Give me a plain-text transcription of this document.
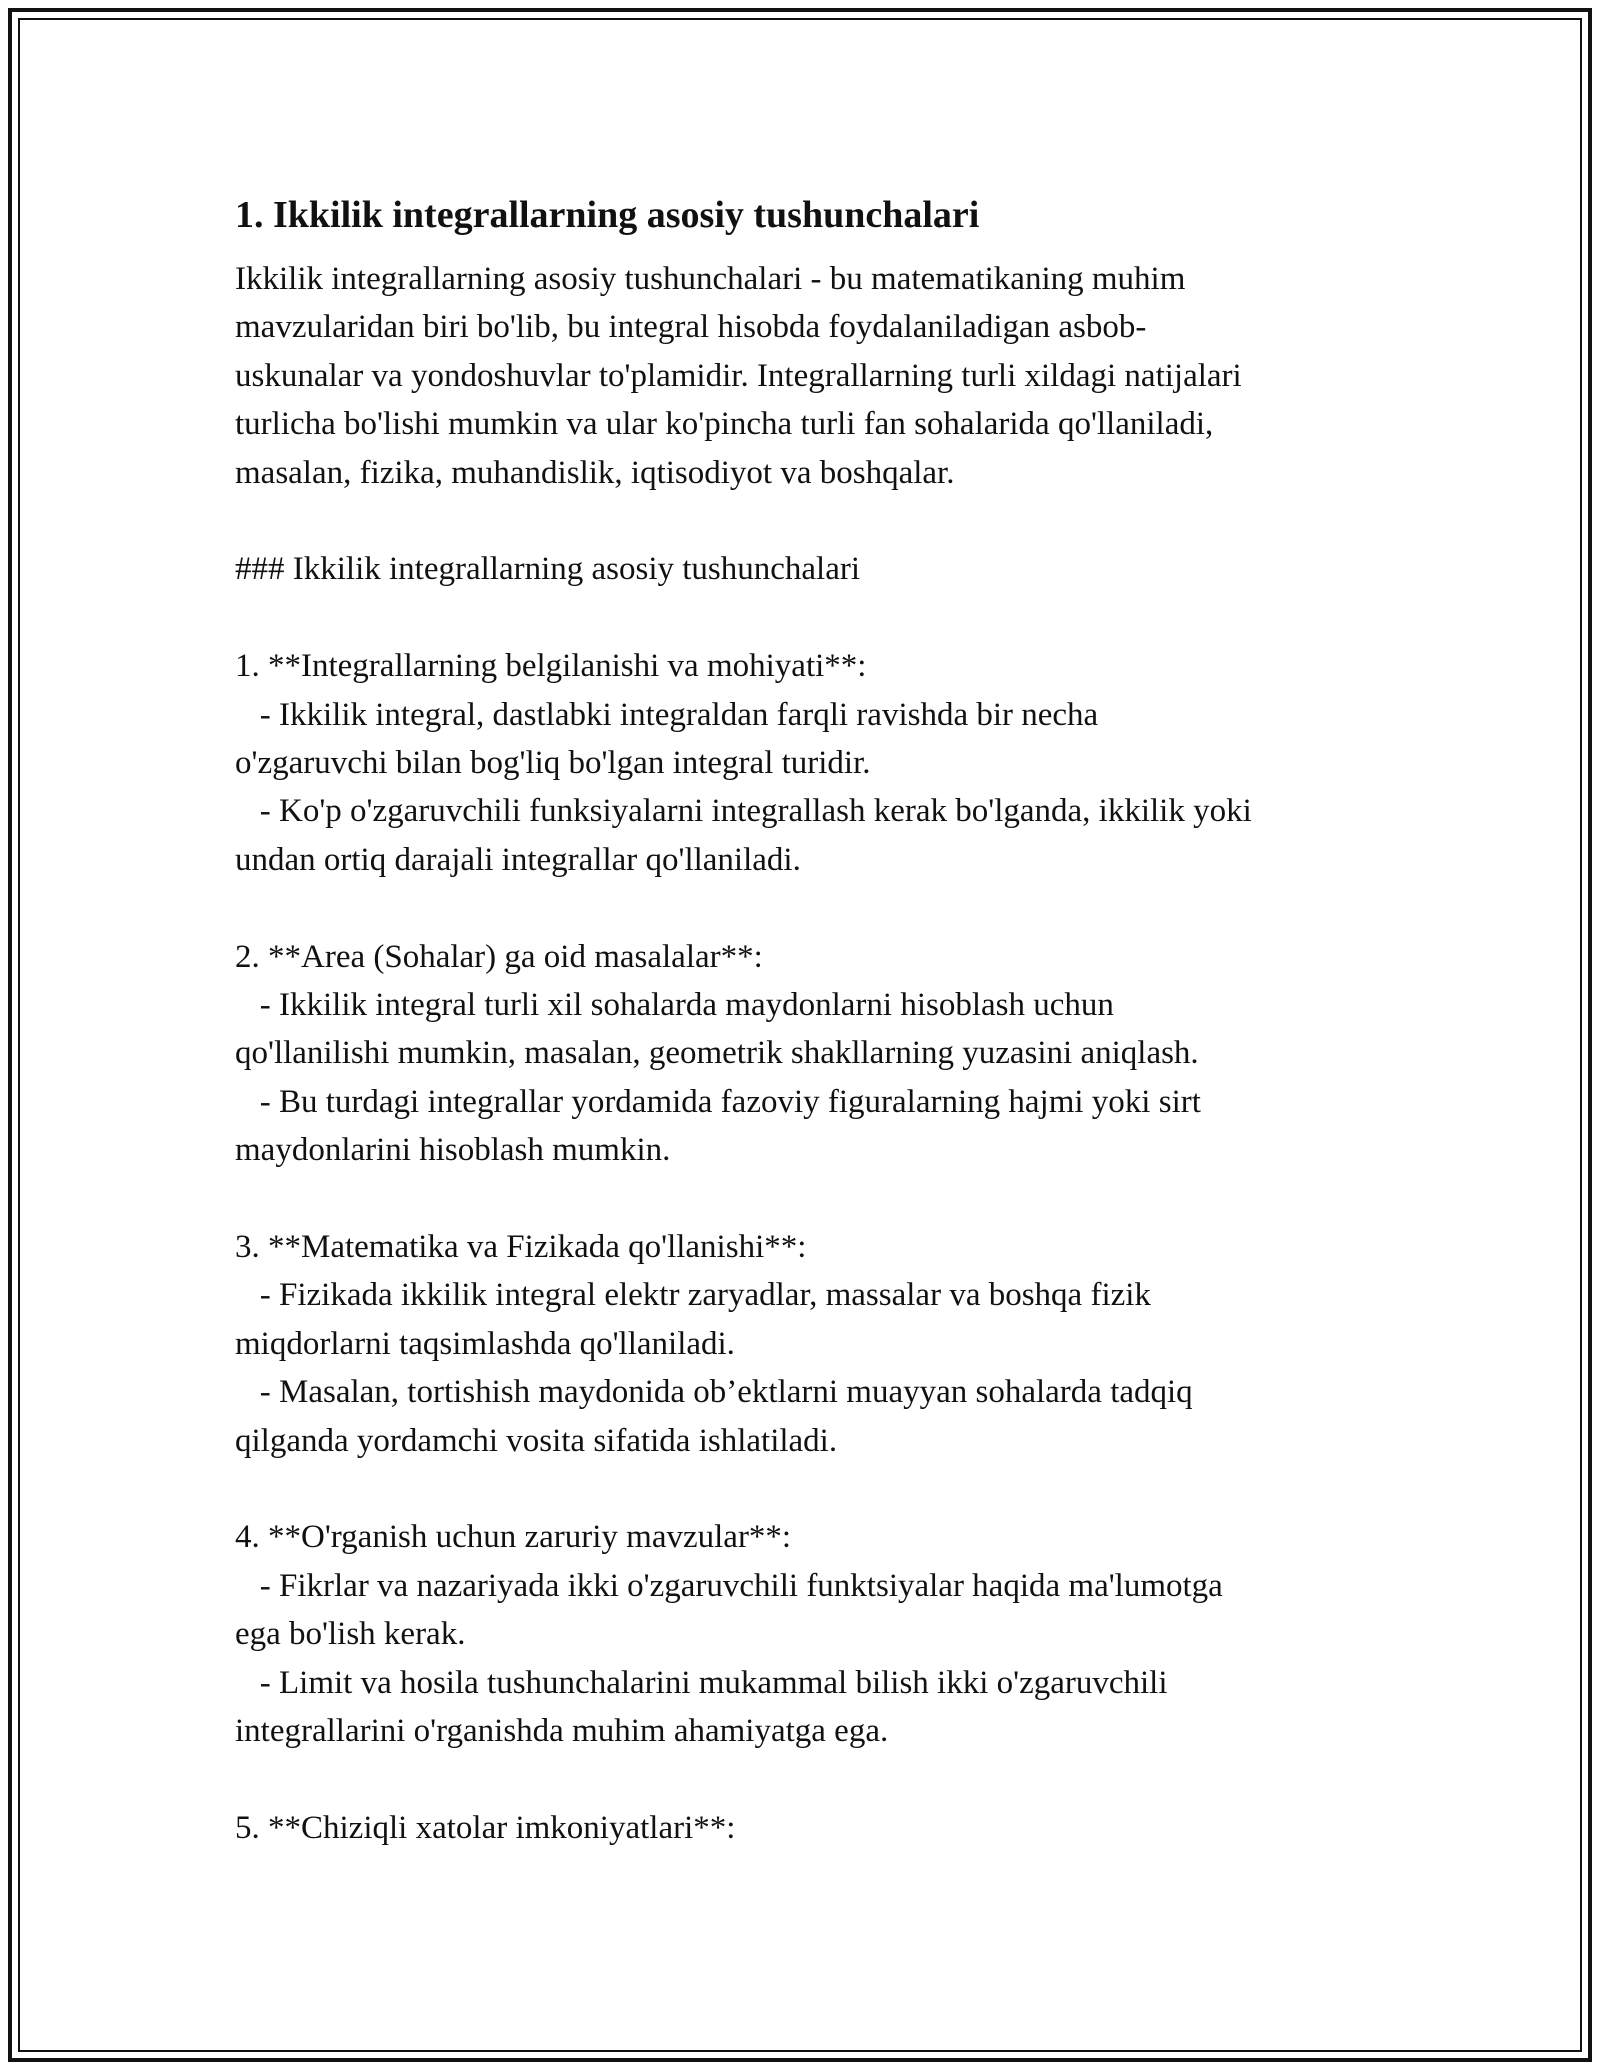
1. Ikkilik integrallarning asosiy tushunchalari
Ikkilik integrallarning asosiy tushunchalari - bu matematikaning muhim
mavzularidan biri bo'lib, bu integral hisobda foydalaniladigan asbob-
uskunalar va yondoshuvlar to'plamidir. Integrallarning turli xildagi natijalari
turlicha bo'lishi mumkin va ular ko'pincha turli fan sohalarida qo'llaniladi,
masalan, fizika, muhandislik, iqtisodiyot va boshqalar.
### Ikkilik integrallarning asosiy tushunchalari
1. **Integrallarning belgilanishi va mohiyati**:
- Ikkilik integral, dastlabki integraldan farqli ravishda bir necha
o'zgaruvchi bilan bog'liq bo'lgan integral turidir.
- Ko'p o'zgaruvchili funksiyalarni integrallash kerak bo'lganda, ikkilik yoki
undan ortiq darajali integrallar qo'llaniladi.
2. **Area (Sohalar) ga oid masalalar**:
- Ikkilik integral turli xil sohalarda maydonlarni hisoblash uchun
qo'llanilishi mumkin, masalan, geometrik shakllarning yuzasini aniqlash.
- Bu turdagi integrallar yordamida fazoviy figuralarning hajmi yoki sirt
maydonlarini hisoblash mumkin.
3. **Matematika va Fizikada qo'llanishi**:
- Fizikada ikkilik integral elektr zaryadlar, massalar va boshqa fizik
miqdorlarni taqsimlashda qo'llaniladi.
- Masalan, tortishish maydonida ob’ektlarni muayyan sohalarda tadqiq
qilganda yordamchi vosita sifatida ishlatiladi.
4. **O'rganish uchun zaruriy mavzular**:
- Fikrlar va nazariyada ikki o'zgaruvchili funktsiyalar haqida ma'lumotga
ega bo'lish kerak.
- Limit va hosila tushunchalarini mukammal bilish ikki o'zgaruvchili
integrallarini o'rganishda muhim ahamiyatga ega.
5. **Chiziqli xatolar imkoniyatlari**:
